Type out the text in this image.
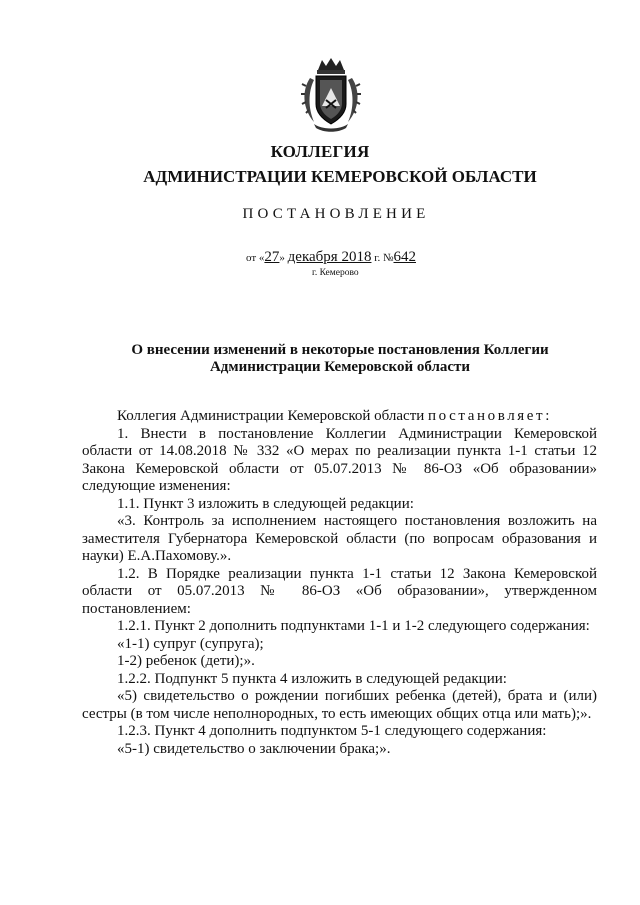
КОЛЛЕГИЯ
АДМИНИСТРАЦИИ КЕМЕРОВСКОЙ ОБЛАСТИ
ПОСТАНОВЛЕНИЕ
от «27» декабря 2018 г. №642
г. Кемерово
О внесении изменений в некоторые постановления Коллегии Администрации Кемеровской области

Коллегия Администрации Кемеровской области постановляет:

1. Внести в постановление Коллегии Администрации Кемеровской области от 14.08.2018 № 332 «О мерах по реализации пункта 1-1 статьи 12 Закона Кемеровской области от 05.07.2013 № 86-ОЗ «Об образовании» следующие изменения:

1.1. Пункт 3 изложить в следующей редакции:

«3. Контроль за исполнением настоящего постановления возложить на заместителя Губернатора Кемеровской области (по вопросам образования и науки) Е.А.Пахомову.».

1.2. В Порядке реализации пункта 1-1 статьи 12 Закона Кемеровской области от 05.07.2013 № 86-ОЗ «Об образовании», утвержденном постановлением:

1.2.1. Пункт 2 дополнить подпунктами 1-1 и 1-2 следующего содержания:

«1-1) супруг (супруга);

1-2) ребенок (дети);».

1.2.2. Подпункт 5 пункта 4 изложить в следующей редакции:

«5) свидетельство о рождении погибших ребенка (детей), брата и (или) сестры (в том числе неполнородных, то есть имеющих общих отца или мать);».

1.2.3. Пункт 4 дополнить подпунктом 5-1 следующего содержания:

«5-1) свидетельство о заключении брака;».
